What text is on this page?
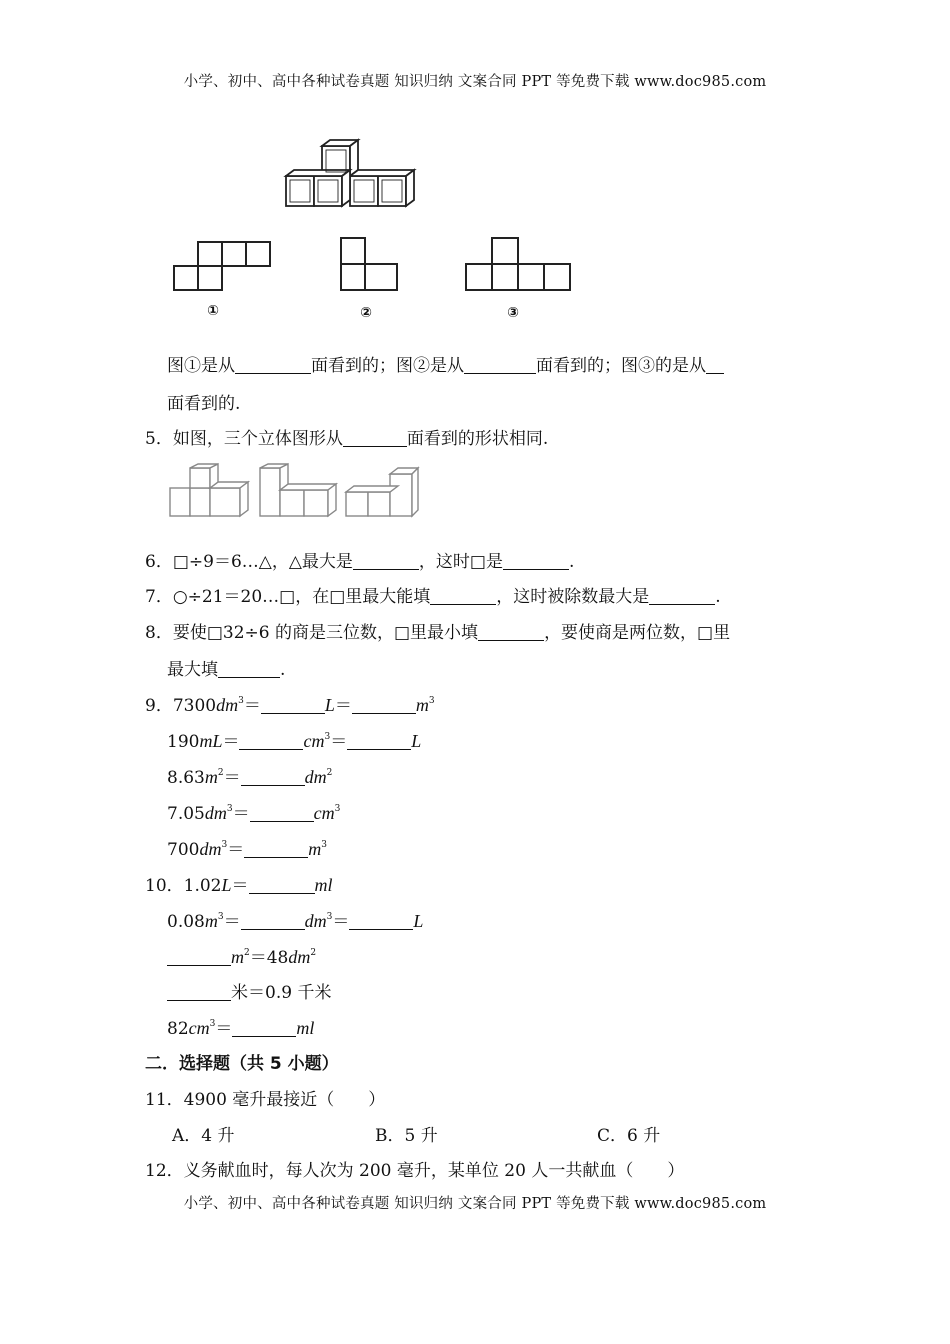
小学、初中、高中各种试卷真题 知识归纳 文案合同 PPT 等免费下载 www.doc985.com
①	②	③
图①是从	面看到的；图②是从	面看到的；图③的是从
面看到的.
5．如图，三个立体图形从	面看到的形状相同.
6．□÷9＝6…△，△最大是	，这时□是	.
7．○÷21＝20…□，在□里最大能填	，这时被除数最大是	.
8．要使□32÷6 的商是三位数，□里最小填	，要使商是两位数，□里
最大填	.
9．$7300dm^3=$	L＝	$m^3$
190mL＝	$cm^3=$	L
$8.63m^2=$	$dm^2$
$7.05dm^3=$	$cm^3$
$700dm^3=$	$m^3$
10．1.02L＝	ml
$0.08m^3=$	$dm^3=$	L
$m^2=48dm^2$
米＝0.9 千米
$82cm^3=$	ml
二．选择题（共 5 小题）
11．4900 毫升最接近（　　）
A．4 升	B．5 升	C．6 升
12．义务献血时，每人次为 200 毫升，某单位 20 人一共献血（　　）
小学、初中、高中各种试卷真题 知识归纳 文案合同 PPT 等免费下载 www.doc985.com
